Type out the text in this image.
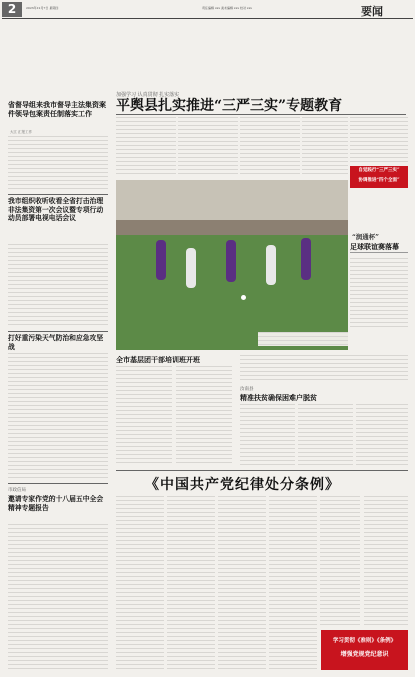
2	2023年12月7日 星期四	责任编辑 xxx 美术编辑 xxx 校对 xxx	要闻
加强学习 认真贯彻 扎实落实
平舆县扎实推进“三严三实”专题教育
自觉践行“三严三实”
协调推进“四个全面”
省督导组来我市督导主法集资案件领导包案责任制落实工作
大江 汇报工作
我市组织收听收看全省打击治理非法集资第一次会议暨专项行动动员部署电视电话会议
打好重污染天气防治和应急攻坚战
“润通杯”
足球联谊赛落幕
全市基层团干部培训班开班
汝南县
精准扶贫确保困难户脱贫
《中国共产党纪律处分条例》
市政信局
邀请专家作党的十八届五中全会精神专题报告
学习贯彻《准则》《条例》
增强党规党纪意识
